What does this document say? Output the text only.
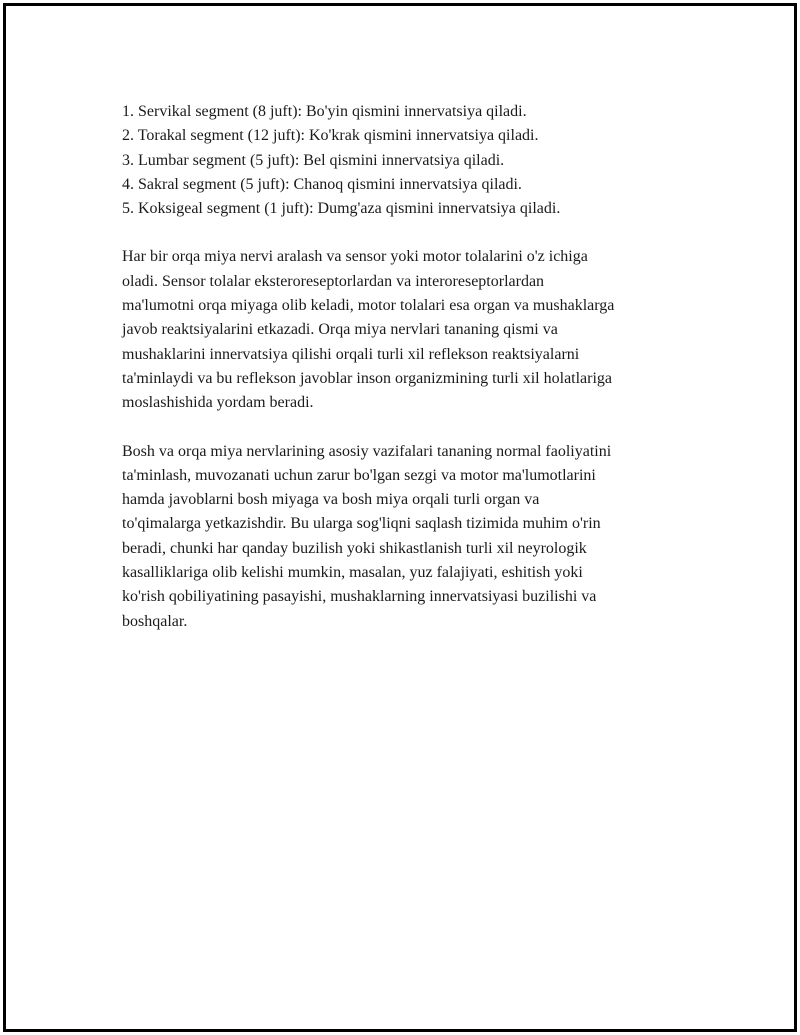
1. Servikal segment (8 juft): Bo'yin qismini innervatsiya qiladi.
2. Torakal segment (12 juft): Ko'krak qismini innervatsiya qiladi.
3. Lumbar segment (5 juft): Bel qismini innervatsiya qiladi.
4. Sakral segment (5 juft): Chanoq qismini innervatsiya qiladi.
5. Koksigeal segment (1 juft): Dumg'aza qismini innervatsiya qiladi.

Har bir orqa miya nervi aralash va sensor yoki motor tolalarini o'z ichiga
oladi. Sensor tolalar eksteroreseptorlardan va interoreseptorlardan
ma'lumotni orqa miyaga olib keladi, motor tolalari esa organ va mushaklarga
javob reaktsiyalarini etkazadi. Orqa miya nervlari tananing qismi va
mushaklarini innervatsiya qilishi orqali turli xil reflekson reaktsiyalarni
ta'minlaydi va bu reflekson javoblar inson organizmining turli xil holatlariga
moslashishida yordam beradi.

Bosh va orqa miya nervlarining asosiy vazifalari tananing normal faoliyatini
ta'minlash, muvozanati uchun zarur bo'lgan sezgi va motor ma'lumotlarini
hamda javoblarni bosh miyaga va bosh miya orqali turli organ va
to'qimalarga yetkazishdir. Bu ularga sog'liqni saqlash tizimida muhim o'rin
beradi, chunki har qanday buzilish yoki shikastlanish turli xil neyrologik
kasalliklariga olib kelishi mumkin, masalan, yuz falajiyati, eshitish yoki
ko'rish qobiliyatining pasayishi, mushaklarning innervatsiyasi buzilishi va
boshqalar.
